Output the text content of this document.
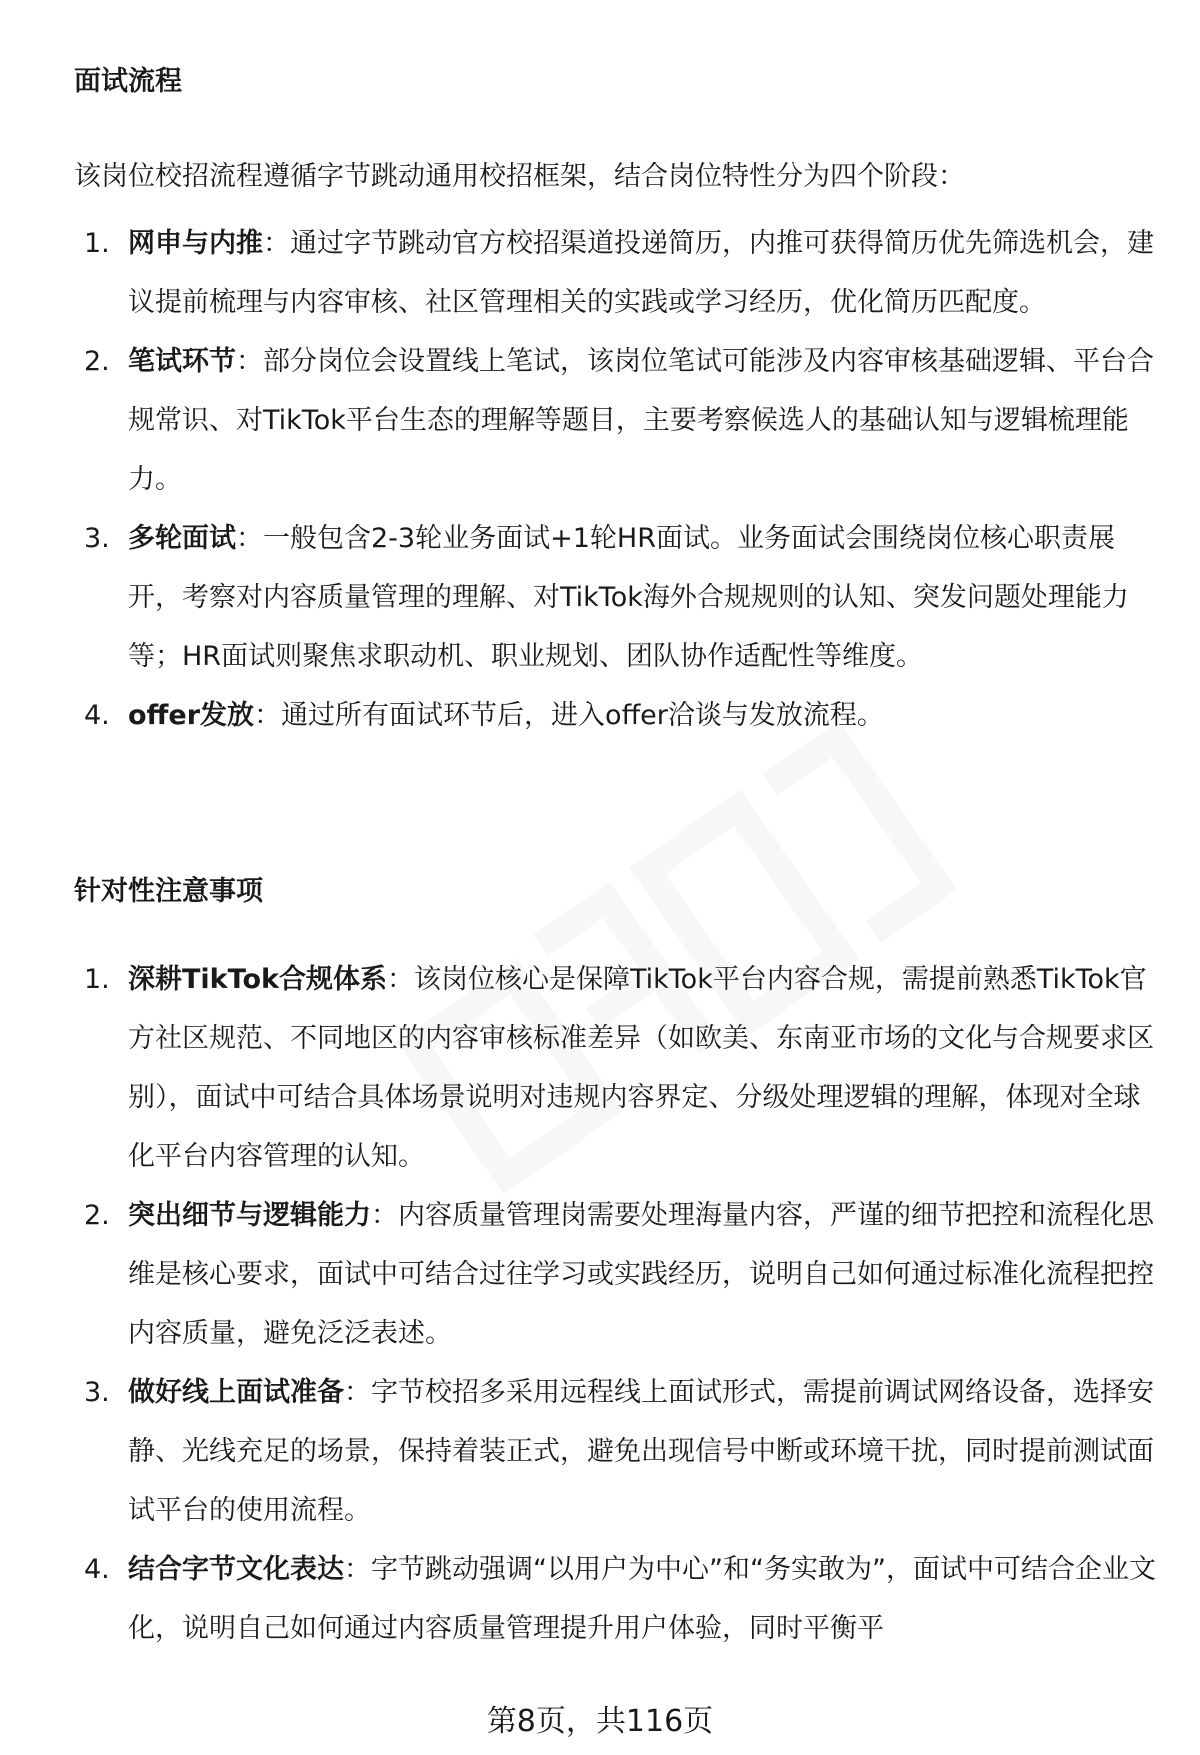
面试流程

该岗位校招流程遵循字节跳动通用校招框架，结合岗位特性分为四个阶段：

1. 网申与内推：通过字节跳动官方校招渠道投递简历，内推可获得简历优先筛选机会，建议提前梳理与内容审核、社区管理相关的实践或学习经历，优化简历匹配度。
2. 笔试环节：部分岗位会设置线上笔试，该岗位笔试可能涉及内容审核基础逻辑、平台合规常识、对TikTok平台生态的理解等题目，主要考察候选人的基础认知与逻辑梳理能力。
3. 多轮面试：一般包含2-3轮业务面试+1轮HR面试。业务面试会围绕岗位核心职责展开，考察对内容质量管理的理解、对TikTok海外合规规则的认知、突发问题处理能力等；HR面试则聚焦求职动机、职业规划、团队协作适配性等维度。
4. offer发放：通过所有面试环节后，进入offer洽谈与发放流程。
针对性注意事项
1. 深耕TikTok合规体系：该岗位核心是保障TikTok平台内容合规，需提前熟悉TikTok官方社区规范、不同地区的内容审核标准差异（如欧美、东南亚市场的文化与合规要求区别），面试中可结合具体场景说明对违规内容界定、分级处理逻辑的理解，体现对全球化平台内容管理的认知。
2. 突出细节与逻辑能力：内容质量管理岗需要处理海量内容，严谨的细节把控和流程化思维是核心要求，面试中可结合过往学习或实践经历，说明自己如何通过标准化流程把控内容质量，避免泛泛表述。
3. 做好线上面试准备：字节校招多采用远程线上面试形式，需提前调试网络设备，选择安静、光线充足的场景，保持着装正式，避免出现信号中断或环境干扰，同时提前测试面试平台的使用流程。
4. 结合字节文化表达：字节跳动强调“以用户为中心”和“务实敢为”，面试中可结合企业文化，说明自己如何通过内容质量管理提升用户体验，同时平衡平
第8页，共116页
